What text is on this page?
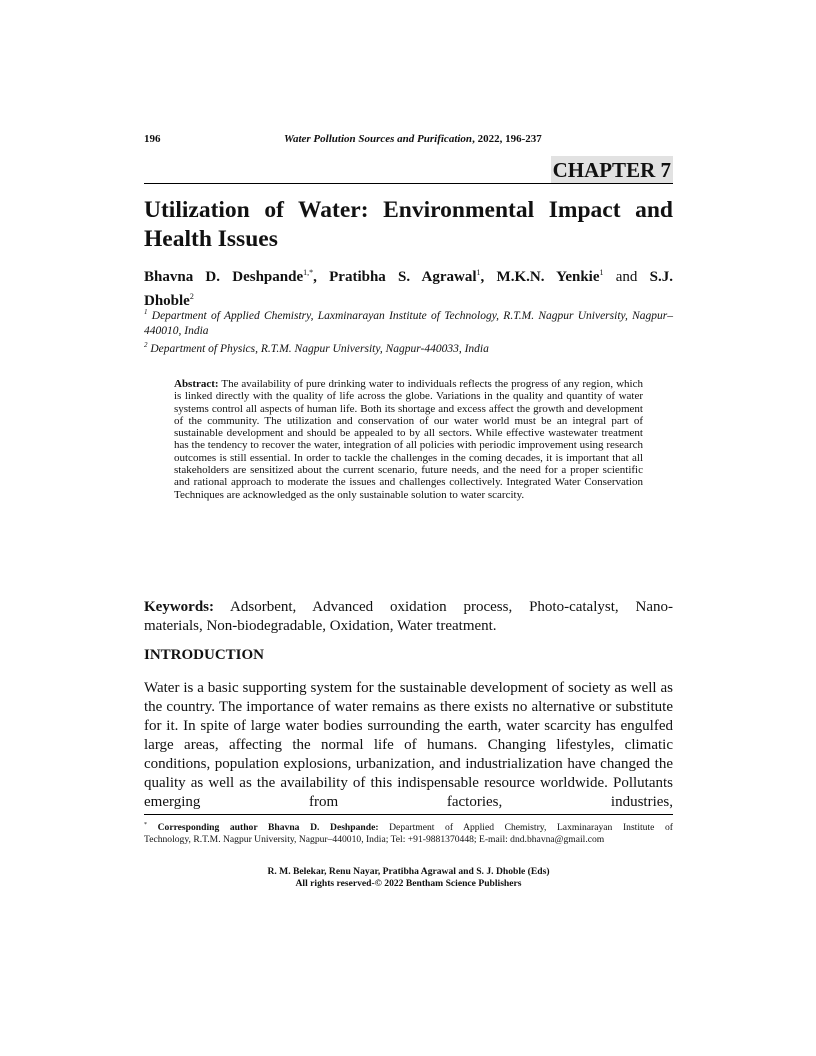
196	Water Pollution Sources and Purification, 2022, 196-237
CHAPTER 7
Utilization of Water: Environmental Impact and
Health Issues
Bhavna D. Deshpande$^{1,*}$, Pratibha S. Agrawal$^1$, M.K.N. Yenkie$^1$ and S.J.
Dhoble$^2$
$^1$ Department of Applied Chemistry, Laxminarayan Institute of Technology, R.T.M. Nagpur University, Nagpur–440010, India
$^2$ Department of Physics, R.T.M. Nagpur University, Nagpur-440033, India
Abstract: The availability of pure drinking water to individuals reflects the progress of any region, which is linked directly with the quality of life across the globe. Variations in the quality and quantity of water systems control all aspects of human life. Both its shortage and excess affect the growth and development of the community. The utilization and conservation of our water world must be an integral part of sustainable development and should be appealed to by all sectors. While effective wastewater treatment has the tendency to recover the water, integration of all policies with periodic improvement using research outcomes is still essential. In order to tackle the challenges in the coming decades, it is important that all stakeholders are sensitized about the current scenario, future needs, and the need for a proper scientific and rational approach to moderate the issues and challenges collectively. Integrated Water Conservation Techniques are acknowledged as the only sustainable solution to water scarcity.
Keywords: Adsorbent, Advanced oxidation process, Photo-catalyst, Nano-
materials, Non-biodegradable, Oxidation, Water treatment.
INTRODUCTION
Water is a basic supporting system for the sustainable development of society as well as the country. The importance of water remains as there exists no alternative or substitute for it. In spite of large water bodies surrounding the earth, water scarcity has engulfed large areas, affecting the normal life of humans. Changing lifestyles, climatic conditions, population explosions, urbanization, and industrialization have changed the quality as well as the availability of this indispensable resource worldwide. Pollutants emerging from factories, industries,
* Corresponding author Bhavna D. Deshpande: Department of Applied Chemistry, Laxminarayan Institute of
Technology, R.T.M. Nagpur University, Nagpur–440010, India; Tel: +91-9881370448; E-mail: dnd.bhavna@gmail.com
R. M. Belekar, Renu Nayar, Pratibha Agrawal and S. J. Dhoble (Eds)
All rights reserved-© 2022 Bentham Science Publishers
